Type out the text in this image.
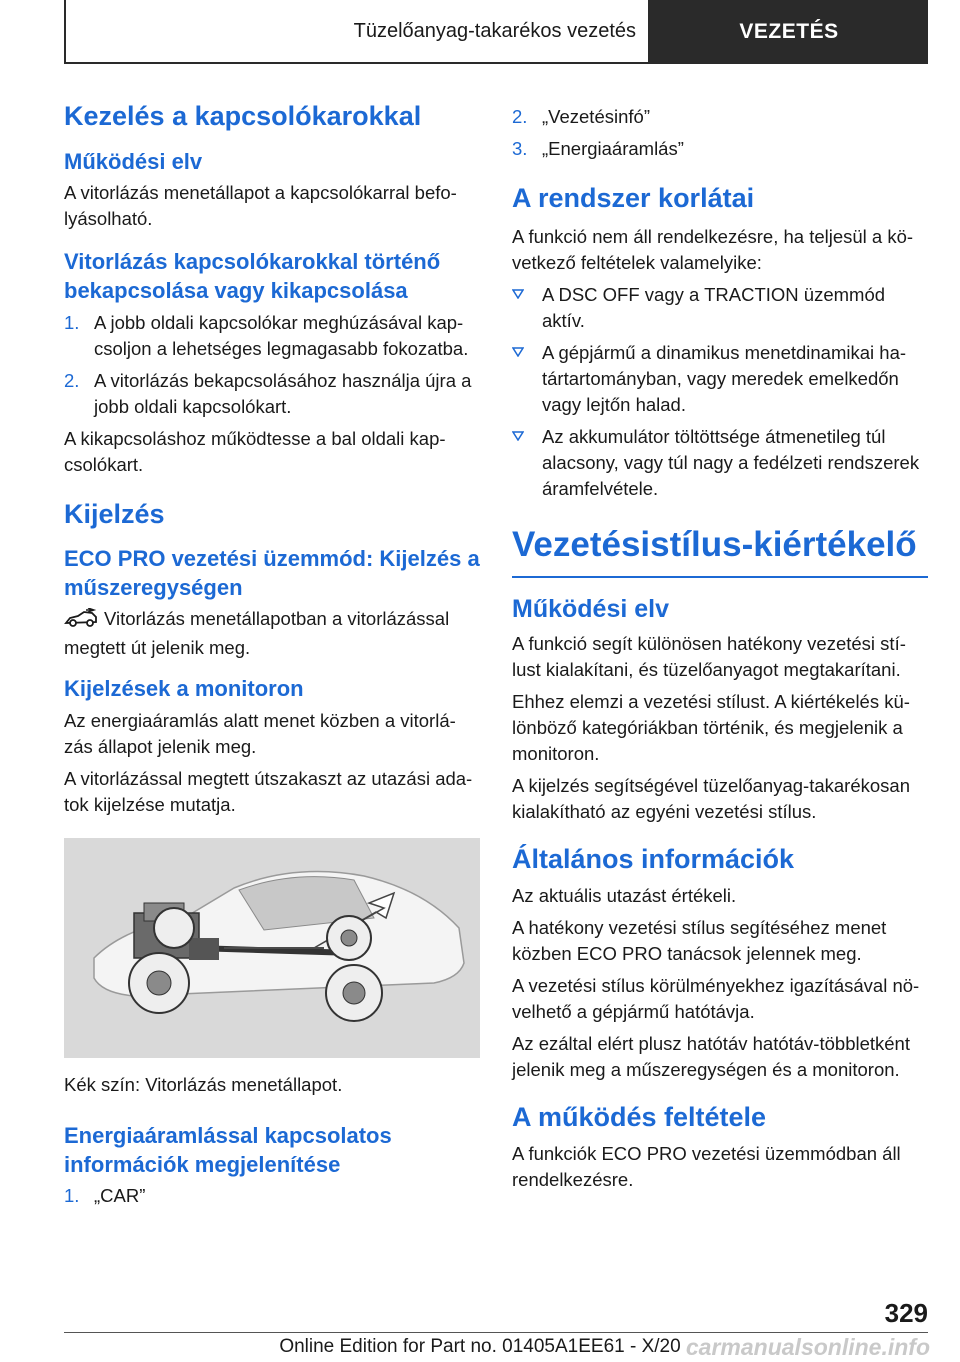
Tüzelőanyag-takarékos vezetés	VEZETÉS
Kezelés a kapcsolókarokkal
Működési elv
A vitorlázás menetállapot a kapcsolókarral befo-lyásolható.
Vitorlázás kapcsolókarokkal történő bekapcsolása vagy kikapcsolása
1. A jobb oldali kapcsolókar meghúzásával kap-csoljon a lehetséges legmagasabb fokozatba.
2. A vitorlázás bekapcsolásához használja újra a jobb oldali kapcsolókart.
A kikapcsoláshoz működtesse a bal oldali kap-csolókart.
Kijelzés
ECO PRO vezetési üzemmód: Kijelzés a műszeregységen
Vitorlázás menetállapotban a vitorlázással megtett út jelenik meg.
Kijelzések a monitoron
Az energiaáramlás alatt menet közben a vitorlá-zás állapot jelenik meg.
A vitorlázással megtett útszakaszt az utazási ada-tok kijelzése mutatja.
Kék szín: Vitorlázás menetállapot.
Energiaáramlással kapcsolatos információk megjelenítése
1. „CAR”
2. „Vezetésinfó”
3. „Energiaáramlás”
A rendszer korlátai
A funkció nem áll rendelkezésre, ha teljesül a kö-vetkező feltételek valamelyike:
A DSC OFF vagy a TRACTION üzemmód aktív.
A gépjármű a dinamikus menetdinamikai ha-tártartományban, vagy meredek emelkedőn vagy lejtőn halad.
Az akkumulátor töltöttsége átmenetileg túl alacsony, vagy túl nagy a fedélzeti rendszerek áramfelvétele.
Vezetésistílus-kiértékelő
Működési elv
A funkció segít különösen hatékony vezetési stí-lust kialakítani, és tüzelőanyagot megtakarítani.
Ehhez elemzi a vezetési stílust. A kiértékelés kü-lönböző kategóriákban történik, és megjelenik a monitoron.
A kijelzés segítségével tüzelőanyag-takarékosan kialakítható az egyéni vezetési stílus.
Általános információk
Az aktuális utazást értékeli.
A hatékony vezetési stílus segítéséhez menet közben ECO PRO tanácsok jelennek meg.
A vezetési stílus körülményekhez igazításával nö-velhető a gépjármű hatótávja.
Az ezáltal elért plusz hatótáv hatótáv-többletként jelenik meg a műszeregységen és a monitoron.
A működés feltétele
A funkciók ECO PRO vezetési üzemmódban áll rendelkezésre.
329
Online Edition for Part no. 01405A1EE61 - X/20 carmanualsonline.info
